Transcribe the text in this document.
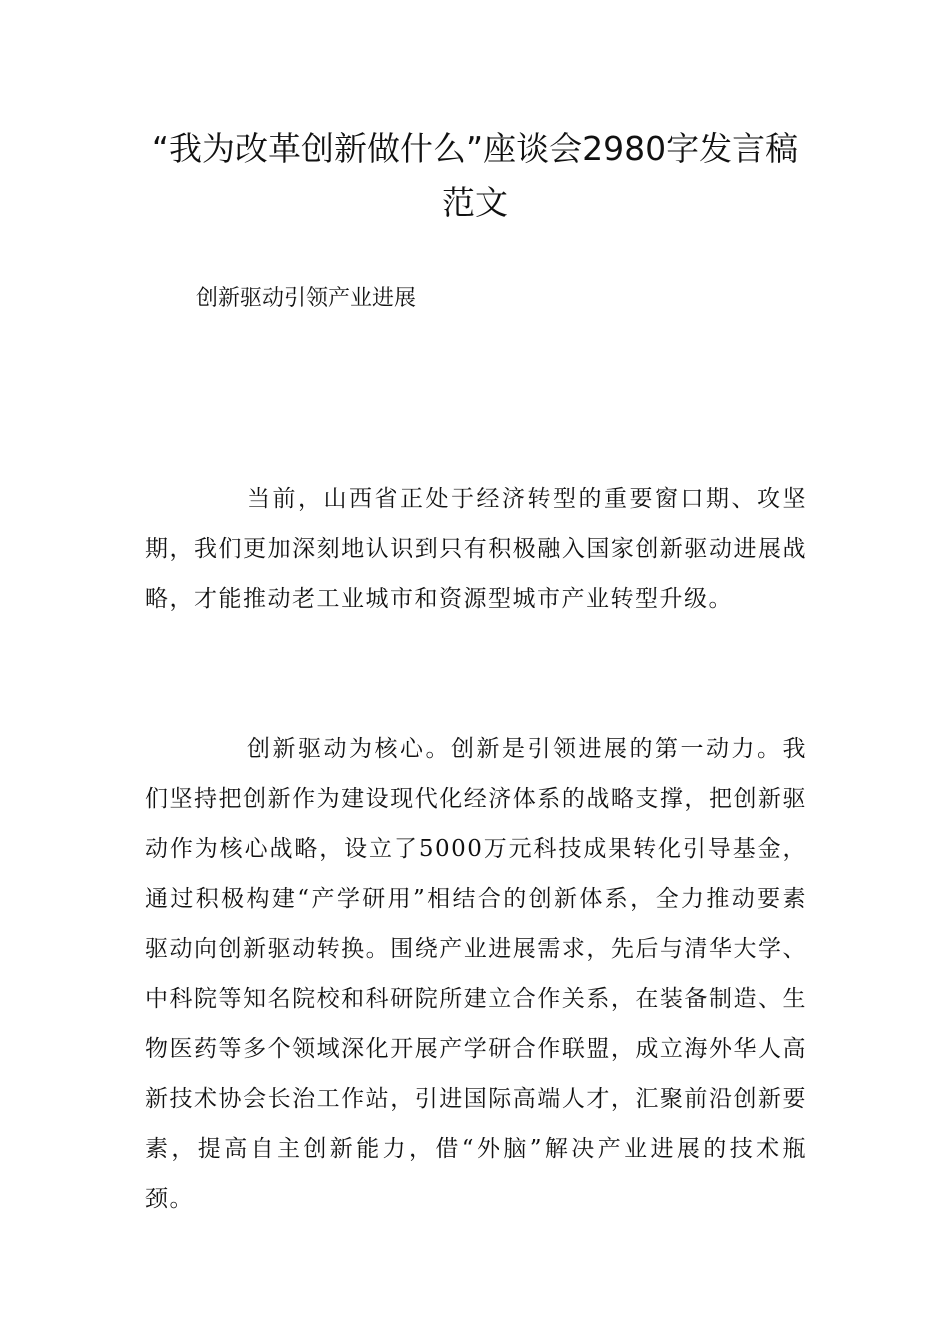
“我为改革创新做什么”座谈会2980字发言稿范文

创新驱动引领产业进展

当前，山西省正处于经济转型的重要窗口期、攻坚期，我们更加深刻地认识到只有积极融入国家创新驱动进展战略，才能推动老工业城市和资源型城市产业转型升级。

创新驱动为核心。创新是引领进展的第一动力。我们坚持把创新作为建设现代化经济体系的战略支撑，把创新驱动作为核心战略，设立了5000万元科技成果转化引导基金，通过积极构建“产学研用”相结合的创新体系，全力推动要素驱动向创新驱动转换。围绕产业进展需求，先后与清华大学、中科院等知名院校和科研院所建立合作关系，在装备制造、生物医药等多个领域深化开展产学研合作联盟，成立海外华人高新技术协会长治工作站，引进国际高端人才，汇聚前沿创新要素，提高自主创新能力，借“外脑”解决产业进展的技术瓶颈。
